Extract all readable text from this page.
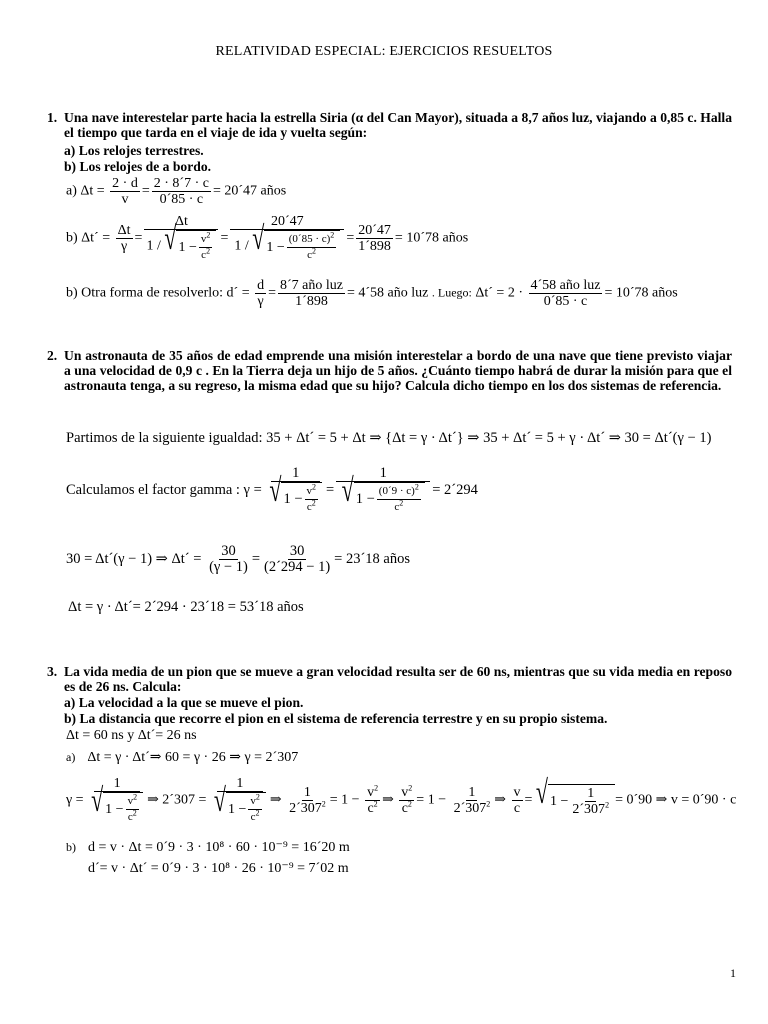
RELATIVIDAD ESPECIAL: EJERCICIOS RESUELTOS
1. Una nave interestelar parte hacia la estrella Siria (α del Can Mayor), situada a 8,7 años luz, viajando a 0,85 c. Halla el tiempo que tarda en el viaje de ida y vuelta según:
a) Los relojes terrestres.
b) Los relojes de a bordo.
a) $\Delta t = \frac{2 \cdot d}{v} = \frac{2 \cdot 8´7 \cdot c}{0´85 \cdot c}$ = 20´47 años
b) Δt´ = $\frac{\Delta t}{\gamma} = \frac{\Delta t}{1 / √ 1 - \frac{v^2}{c^2}} = \frac{20´47}{1 / √ 1 - \frac{(0´85 \cdot c)^2}{c^2}} = \frac{20´47}{1´898}$ = 10´78 años
b) Otra forma de resolverlo: d´ = $\frac{d}{\gamma} = \frac{\text{8´7 año luz}}{1´898}$ = 4´58 año luz . Luego: Δt´ = $2 \cdot \frac{\text{4´58 año luz}}{0´85 \cdot c}$ = 10´78 años
2. Un astronauta de 35 años de edad emprende una misión interestelar a bordo de una nave que tiene previsto viajar a una velocidad de 0,9 c . En la Tierra deja un hijo de 5 años. ¿Cuánto tiempo habrá de durar la misión para que el astronauta tenga, a su regreso, la misma edad que su hijo? Calcula dicho tiempo en los dos sistemas de referencia.
Partimos de la siguiente igualdad: 35 + Δt´ = 5 + Δt ⇒ {Δt = γ · Δt´} ⇒ 35 + Δt´ = 5 + γ · Δt´ ⇒ 30 = Δt´(γ − 1)
Calculamos el factor gamma : $\gamma = \frac{1}{√ 1 - \frac{v^2}{c^2}} = \frac{1}{√ 1 - \frac{(0´9 \cdot c)^2}{c^2}}$ = 2´294
30 = Δt´(γ − 1) ⇒ Δt´ = $\frac{30}{(\gamma - 1)} = \frac{30}{(2´294 - 1)}$ = 23´18 años
Δt = γ · Δt´= 2´294 · 23´18 = 53´18 años
3. La vida media de un pion que se mueve a gran velocidad resulta ser de 60 ns, mientras que su vida media en reposo es de 26 ns. Calcula:
a) La velocidad a la que se mueve el pion.
b) La distancia que recorre el pion en el sistema de referencia terrestre y en su propio sistema.
Δt = 60 ns y Δt´= 26 ns
a) Δt = γ · Δt´⇒ 60 = γ · 26 ⇒ γ = 2´307
$\gamma = \frac{1}{√ 1 - \frac{v^2}{c^2}}$ ⇒ 2´307 = $\frac{1}{√ 1 - \frac{v^2}{c^2}}$ ⇒ $\frac{1}{2´307^2} = 1 - \frac{v^2}{c^2}$ ⇒ $\frac{v^2}{c^2} = 1 - \frac{1}{2´307^2}$ ⇒ $\frac{v}{c}$ = √ $1 - \frac{1}{2´307^2}$ = 0´90 ⇒ v = 0´90 · c
b) d = v · Δt = 0´9 · 3 · 10⁸ · 60 · 10⁻⁹ = 16´20 m
d´= v · Δt´ = 0´9 · 3 · 10⁸ · 26 · 10⁻⁹ = 7´02 m
1
